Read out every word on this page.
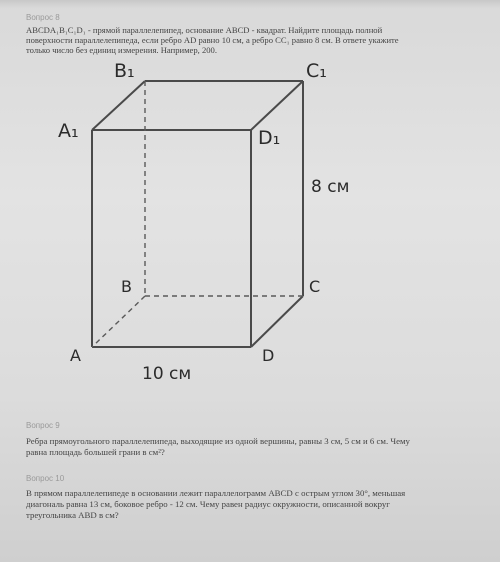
Вопрос 8
ABCDA₁B₁C₁D₁ - прямой параллелепипед, основание ABCD - квадрат. Найдите площадь полной
поверхности параллелепипеда, если ребро AD равно 10 см, а ребро CC₁ равно 8 см. В ответе укажите
только число без единиц измерения. Например, 200.
B₁	C₁
A₁	D₁
B	C
A	D
8 см
10 см
Вопрос 9
Ребра прямоугольного параллелепипеда, выходящие из одной вершины, равны 3 см, 5 см и 6 см. Чему
равна площадь большей грани в см²?
Вопрос 10
В прямом параллелепипеде в основании лежит параллелограмм ABCD с острым углом 30°, меньшая
диагональ равна 13 см, боковое ребро - 12 см. Чему равен радиус окружности, описанной вокруг
треугольника ABD в см?
